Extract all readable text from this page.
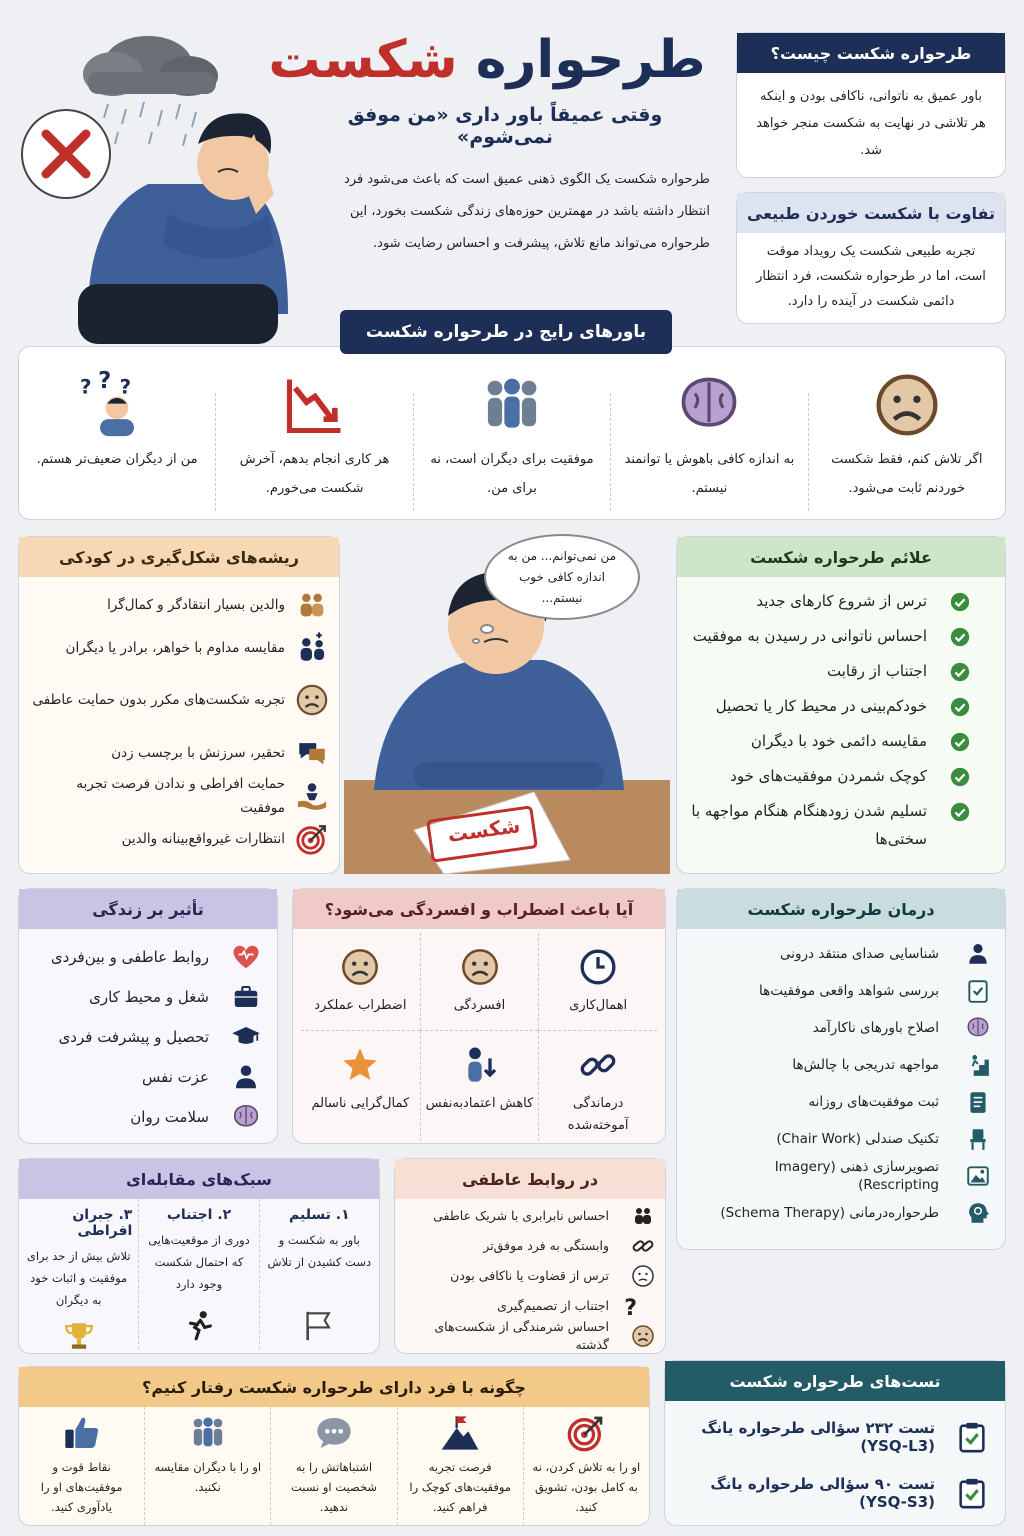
طرحواره شکست
وقتی عمیقاً باور داری «من موفق نمی‌شوم»
طرحواره شکست یک الگوی ذهنی عمیق است که باعث می‌شود فرد انتظار داشته باشد در مهمترین حوزه‌های زندگی شکست بخورد، این طرحواره می‌تواند مانع تلاش، پیشرفت و احساس رضایت شود.
طرحواره شکست چیست؟
باور عمیق به ناتوانی، ناکافی بودن و اینکه هر تلاشی در نهایت به شکست منجر خواهد شد.
تفاوت با شکست خوردن طبیعی
تجربه طبیعی شکست یک رویداد موقت است، اما در طرحواره شکست، فرد انتظار دائمی شکست در آینده را دارد.
اگر تلاش کنم، فقط شکست خوردنم ثابت می‌شود.
به اندازه کافی باهوش یا توانمند نیستم.
موفقیت برای دیگران است، نه برای من.
هر کاری انجام بدهم، آخرش شکست می‌خورم.
? ? ?
من از دیگران ضعیف‌تر هستم.
باورهای رایج در طرحواره شکست
ریشه‌های شکل‌گیری در کودکی
والدین بسیار انتقادگر و کمال‌گرا
مقایسه مداوم با خواهر، برادر یا دیگران
تجربه شکست‌های مکرر بدون حمایت عاطفی
تحقیر، سرزنش با برچسب زدن
حمایت افراطی و ندادن فرصت تجربه موفقیت
انتظارات غیرواقع‌بینانه والدین	شکست
من نمی‌توانم... من به اندازه کافی خوب نیستم...
علائم طرحواره شکست
ترس از شروع کارهای جدید
احساس ناتوانی در رسیدن به موفقیت
اجتناب از رقابت
خودکم‌بینی در محیط کار یا تحصیل
مقایسه دائمی خود با دیگران
کوچک شمردن موفقیت‌های خود
تسلیم شدن زودهنگام هنگام مواجهه با سختی‌ها
تأثیر بر زندگی
روابط عاطفی و بین‌فردی
شغل و محیط کاری
تحصیل و پیشرفت فردی
عزت نفس
سلامت روان
آیا باعث اضطراب و افسردگی می‌شود؟
اهمال‌کاری
افسردگی
اضطراب عملکرد
درماندگی آموخته‌شده
کاهش اعتمادبه‌نفس
کمال‌گرایی ناسالم
درمان طرحواره شکست
شناسایی صدای منتقد درونی
بررسی شواهد واقعی موفقیت‌ها
اصلاح باورهای ناکارآمد
مواجهه تدریجی با چالش‌ها
ثبت موفقیت‌های روزانه
تکنیک صندلی (Chair Work)
تصویرسازی ذهنی (Imagery Rescripting)
طرحواره‌درمانی (Schema Therapy)
سبک‌های مقابله‌ای
۱. تسلیم
باور به شکست و دست کشیدن از تلاش
۲. اجتناب
دوری از موقعیت‌هایی که احتمال شکست وجود دارد
۳. جبران افراطی
تلاش بیش از حد برای موفقیت و اثبات خود به دیگران
در روابط عاطفی
احساس نابرابری با شریک عاطفی
وابستگی به فرد موفق‌تر
ترس از قضاوت یا ناکافی بودن
?
اجتناب از تصمیم‌گیری
احساس شرمندگی از شکست‌های گذشته
چگونه با فرد دارای طرحواره شکست رفتار کنیم؟
او را به تلاش کردن، نه به کامل بودن، تشویق کنید.
فرصت تجربه موفقیت‌های کوچک را فراهم کنید.
اشتباهاتش را به شخصیت او نسبت ندهید.
او را با دیگران مقایسه نکنید.
نقاط قوت و موفقیت‌های او را یادآوری کنید.
تست‌های طرحواره شکست
تست ۲۳۲ سؤالی طرحواره یانگ (YSQ-L3)
تست ۹۰ سؤالی طرحواره یانگ (YSQ-S3)
